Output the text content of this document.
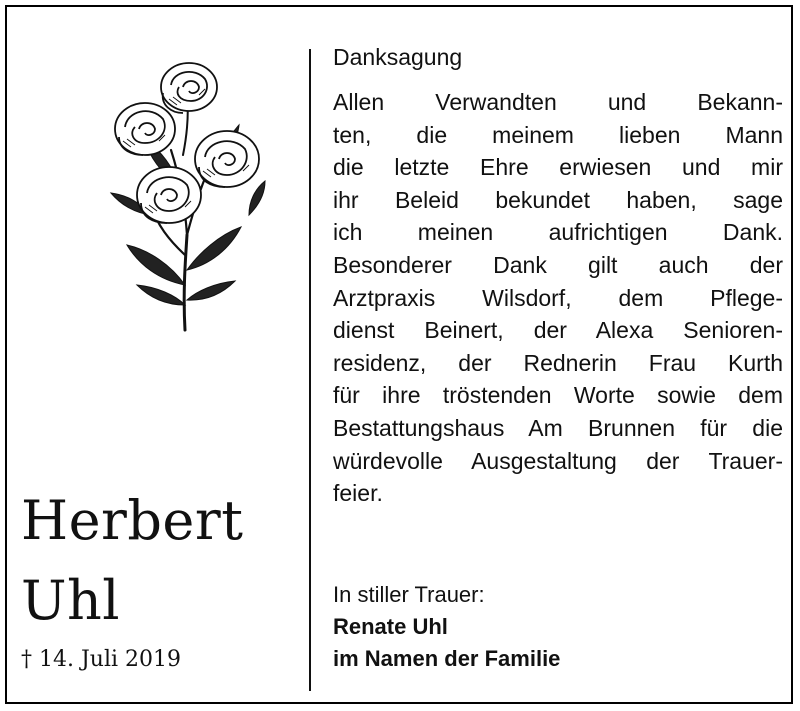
Herbert
Uhl
† 14. Juli 2019
Danksagung
Allen Verwandten und Bekann-
ten, die meinem lieben Mann
die letzte Ehre erwiesen und mir
ihr Beleid bekundet haben, sage
ich meinen aufrichtigen Dank.
Besonderer Dank gilt auch der
Arztpraxis Wilsdorf, dem Pflege-
dienst Beinert, der Alexa Senioren-
residenz, der Rednerin Frau Kurth
für ihre tröstenden Worte sowie dem
Bestattungshaus Am Brunnen für die
würdevolle Ausgestaltung der Trauer-
feier.
In stiller Trauer:
Renate Uhl
im Namen der Familie
